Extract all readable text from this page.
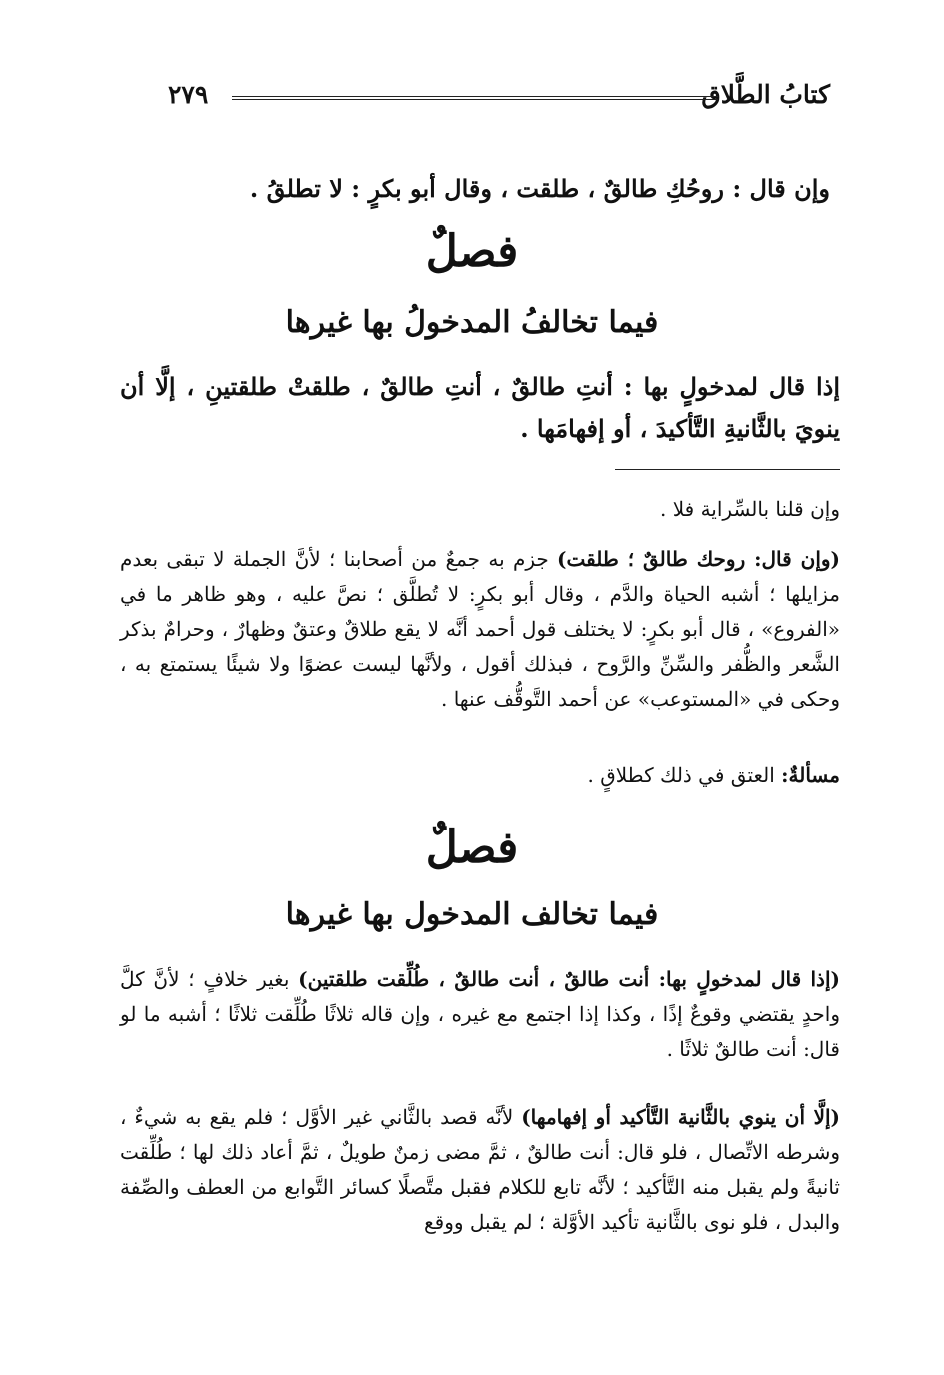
كتابُ الطَّلاق
٢٧٩
وإن قال : روحُكِ طالقٌ ، طلقت ، وقال أبو بكرٍ : لا تطلقُ .
فصلٌ
فيما تخالفُ المدخولُ بها غيرها
إذا قال لمدخولٍ بها : أنتِ طالقٌ ، أنتِ طالقٌ ، طلقتْ طلقتينِ ، إلَّا أن ينويَ بالثَّانيةِ التَّأكيدَ ، أو إفهامَها .
وإن قلنا بالسِّراية فلا .
(وإن قال: روحك طالقٌ ؛ طلقت) جزم به جمعٌ من أصحابنا ؛ لأنَّ الجملة لا تبقى بعدم مزايلها ؛ أشبه الحياة والدَّم ، وقال أبو بكرٍ: لا تُطلَّق ؛ نصَّ عليه ، وهو ظاهر ما في «الفروع» ، قال أبو بكرٍ: لا يختلف قول أحمد أنَّه لا يقع طلاقٌ وعتقٌ وظهارٌ ، وحرامٌ بذكر الشَّعر والظُّفر والسِّنِّ والرَّوح ، فبذلك أقول ، ولأنَّها ليست عضوًا ولا شيئًا يستمتع به ، وحكى في «المستوعب» عن أحمد التَّوقُّف عنها .
مسألةٌ: العتق في ذلك كطلاقٍ .
فصلٌ
فيما تخالف المدخول بها غيرها
(إذا قال لمدخولٍ بها: أنت طالقٌ ، أنت طالقٌ ، طُلِّقت طلقتين) بغير خلافٍ ؛ لأنَّ كلَّ واحدٍ يقتضي وقوعٌ إذًا ، وكذا إذا اجتمع مع غيره ، وإن قاله ثلاثًا طُلِّقت ثلاثًا ؛ أشبه ما لو قال: أنت طالقٌ ثلاثًا .
(إلَّا أن ينوي بالثَّانية التَّأكيد أو إفهامها) لأنَّه قصد بالثَّاني غير الأوَّل ؛ فلم يقع به شيءٌ ، وشرطه الاتِّصال ، فلو قال: أنت طالقٌ ، ثمَّ مضى زمنٌ طويلٌ ، ثمَّ أعاد ذلك لها ؛ طُلِّقت ثانيةً ولم يقبل منه التَّأكيد ؛ لأنَّه تابع للكلام فقبل متَّصلًا كسائر التَّوابع من العطف والصِّفة والبدل ، فلو نوى بالثَّانية تأكيد الأوَّلة ؛ لم يقبل ووقع
